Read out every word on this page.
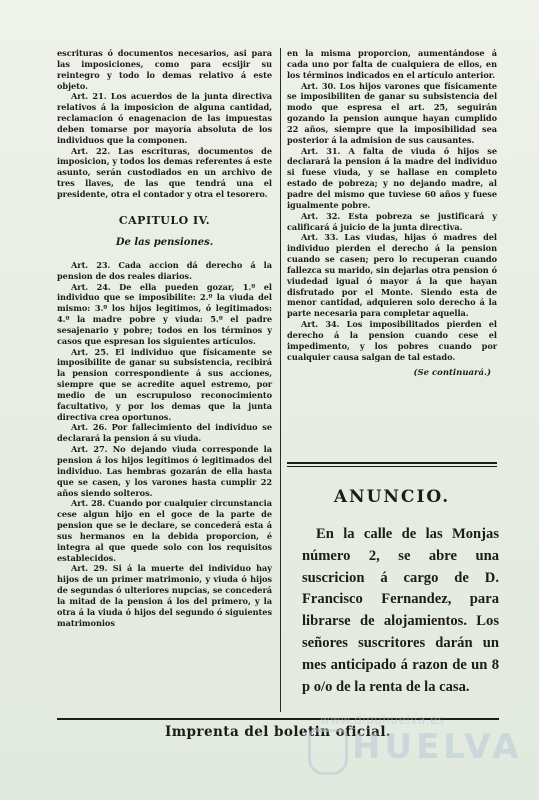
escrituras ó documentos necesarios, asi para las imposiciones, como para ecsijir su reintegro y todo lo demas relativo á este objeto.

Art. 21. Los acuerdos de la junta directiva relativos á la imposicion de alguna cantidad, reclamacion ó enagenacion de las impuestas deben tomarse por mayoría absoluta de los individuos que la componen.

Art. 22. Las escrituras, documentos de imposicion, y todos los demas referentes á este asunto, serán custodiados en un archivo de tres llaves, de las que tendrá una el presidente, otra el contador y otra el tesorero.

CAPITULO IV.
De las pensiones.

Art. 23. Cada accion dá derecho á la pension de dos reales diarios.

Art. 24. De ella pueden gozar, 1.º el individuo que se imposibilite: 2.º la viuda del mismo: 3.º los hijos legitimos, ó legitimados: 4.º la madre pobre y viuda: 5.º el padre sesajenario y pobre; todos en los términos y casos que espresan los siguientes artículos.

Art. 25. El individuo que físicamente se imposibilite de ganar su subsistencia, recibirá la pension correspondiente á sus acciones, siempre que se acredite aquel estremo, por medio de un escrupuloso reconocimiento facultativo, y por los demas que la junta directiva crea oportunos.

Art. 26. Por fallecimiento del individuo se declarará la pension á su viuda.

Art. 27. No dejando viuda corresponde la pension á los hijos legítimos ó legitimados del individuo. Las hembras gozarán de ella hasta que se casen, y los varones hasta cumplir 22 años siendo solteros.

Art. 28. Cuando por cualquier circunstancia cese algun hijo en el goce de la parte de pension que se le declare, se concederá esta á sus hermanos en la debida proporcion, é integra al que quede solo con los requisitos establecidos.

Art. 29. Si á la muerte del individuo hay hijos de un primer matrimonio, y viuda ó hijos de segundas ó ulteriores nupcias, se concederá la mitad de la pension á los del primero, y la otra á la viuda ó hijos del segundo ó siguientes matrimonios

en la misma proporcion, aumentándose á cada uno por falta de cualquiera de ellos, en los términos indicados en el artículo anterior.

Art. 30. Los hijos varones que físicamente se imposibiliten de ganar su subsistencia del modo que espresa el art. 25, seguirán gozando la pension aunque hayan cumplido 22 años, siempre que la imposibilidad sea posterior á la admision de sus causantes.

Art. 31. A falta de viuda ó hijos se declarará la pension á la madre del individuo si fuese viuda, y se hallase en completo estado de pobreza; y no dejando madre, al padre del mismo que tuviese 60 años y fuese igualmente pobre.

Art. 32. Esta pobreza se justificará y calificará á juicio de la junta directiva.

Art. 33. Las viudas, hijas ó madres del individuo pierden el derecho á la pension cuando se casen; pero lo recuperan cuando fallezca su marido, sin dejarlas otra pension ó viudedad igual ó mayor á la que hayan disfrutado por el Monte. Siendo esta de menor cantidad, adquieren solo derecho á la parte necesaria para completar aquella.

Art. 34. Los imposibilitados pierden el derecho á la pension cuando cese el impedimento, y los pobres cuando por cualquier causa salgan de tal estado.

(Se continuará.)
ANUNCIO.
En la calle de las Monjas número 2, se abre una suscricion á cargo de D. Francisco Fernandez, para librarse de alojamientos. Los señores suscritores darán un mes anticipado á razon de un 8 p o/o de la renta de la casa.
Imprenta del boletin oficial.
www.dipuhuelva.es
HUELVA
